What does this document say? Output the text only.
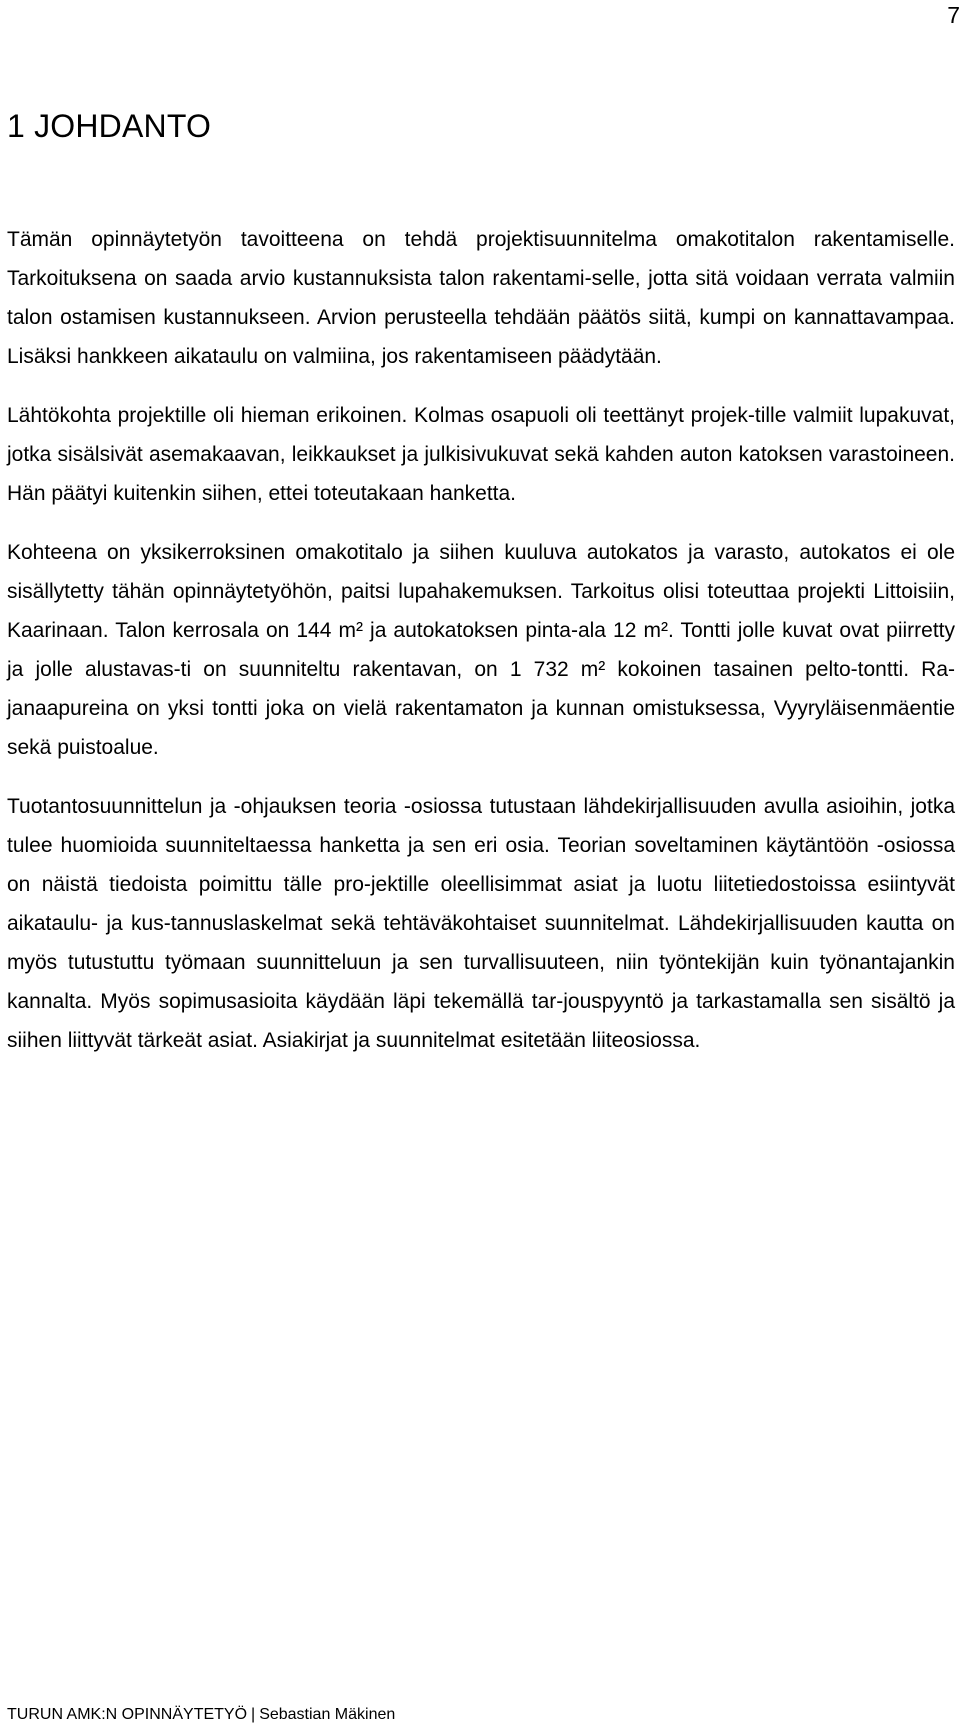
7
1 JOHDANTO

Tämän opinnäytetyön tavoitteena on tehdä projektisuunnitelma omakotitalon rakentamiselle. Tarkoituksena on saada arvio kustannuksista talon rakentami-selle, jotta sitä voidaan verrata valmiin talon ostamisen kustannukseen. Arvion perusteella tehdään päätös siitä, kumpi on kannattavampaa. Lisäksi hankkeen aikataulu on valmiina, jos rakentamiseen päädytään.

Lähtökohta projektille oli hieman erikoinen. Kolmas osapuoli oli teettänyt projek-tille valmiit lupakuvat, jotka sisälsivät asemakaavan, leikkaukset ja julkisivukuvat sekä kahden auton katoksen varastoineen. Hän päätyi kuitenkin siihen, ettei toteutakaan hanketta.

Kohteena on yksikerroksinen omakotitalo ja siihen kuuluva autokatos ja varasto, autokatos ei ole sisällytetty tähän opinnäytetyöhön, paitsi lupahakemuksen. Tarkoitus olisi toteuttaa projekti Littoisiin, Kaarinaan. Talon kerrosala on 144 m² ja autokatoksen pinta-ala 12 m². Tontti jolle kuvat ovat piirretty ja jolle alustavas-ti on suunniteltu rakentavan, on 1 732 m² kokoinen tasainen pelto-tontti. Ra-janaapureina on yksi tontti joka on vielä rakentamaton ja kunnan omistuksessa, Vyyryläisenmäentie sekä puistoalue.

Tuotantosuunnittelun ja -ohjauksen teoria -osiossa tutustaan lähdekirjallisuuden avulla asioihin, jotka tulee huomioida suunniteltaessa hanketta ja sen eri osia. Teorian soveltaminen käytäntöön -osiossa on näistä tiedoista poimittu tälle pro-jektille oleellisimmat asiat ja luotu liitetiedostoissa esiintyvät aikataulu- ja kus-tannuslaskelmat sekä tehtäväkohtaiset suunnitelmat. Lähdekirjallisuuden kautta on myös tutustuttu työmaan suunnitteluun ja sen turvallisuuteen, niin työntekijän kuin työnantajankin kannalta. Myös sopimusasioita käydään läpi tekemällä tar-jouspyyntö ja tarkastamalla sen sisältö ja siihen liittyvät tärkeät asiat. Asiakirjat ja suunnitelmat esitetään liiteosiossa.

TURUN AMK:N OPINNÄYTETYÖ | Sebastian Mäkinen
